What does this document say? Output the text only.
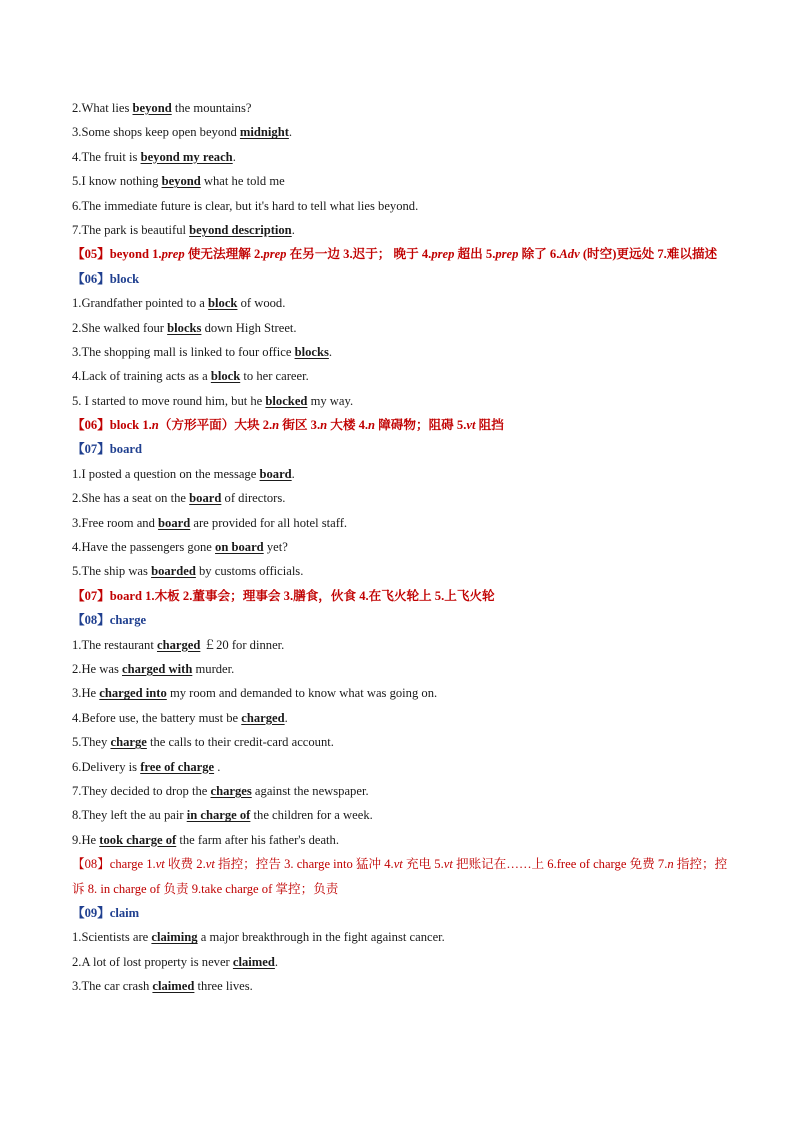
2.What lies beyond the mountains?
3.Some shops keep open beyond midnight.
4.The fruit is beyond my reach.
5.I know nothing beyond what he told me
6.The immediate future is clear, but it's hard to tell what lies beyond.
7.The park is beautiful beyond description.
【05】beyond 1.prep 使无法理解 2.prep 在另一边 3.迟于； 晚于 4.prep 超出 5.prep 除了 6.Adv (时空)更远处 7.难以描述
【06】block
1.Grandfather pointed to a block of wood.
2.She walked four blocks down High Street.
3.The shopping mall is linked to four office blocks.
4.Lack of training acts as a block to her career.
5. I started to move round him, but he blocked my way.
【06】block 1.n（方形平面）大块 2.n 街区 3.n 大楼 4.n 障碍物；阻碍 5.vt 阻挡
【07】board
1.I posted a question on the message board.
2.She has a seat on the board of directors.
3.Free room and board are provided for all hotel staff.
4.Have the passengers gone on board yet?
5.The ship was boarded by customs officials.
【07】board 1.木板 2.董事会；理事会 3.膳食，伙食 4.在飞火轮上 5.上飞火轮
【08】charge
1.The restaurant charged ￡20 for dinner.
2.He was charged with murder.
3.He charged into my room and demanded to know what was going on.
4.Before use, the battery must be charged.
5.They charge the calls to their credit-card account.
6.Delivery is free of charge .
7.They decided to drop the charges against the newspaper.
8.They left the au pair in charge of the children for a week.
9.He took charge of the farm after his father's death.
【08】charge 1.vt 收费 2.vt 指控；控告 3. charge into 猛冲 4.vt 充电 5.vt 把账记在……上 6.free of charge 免费 7.n 指控；控诉 8. in charge of 负责 9.take charge of 掌控；负责
【09】claim
1.Scientists are claiming a major breakthrough in the fight against cancer.
2.A lot of lost property is never claimed.
3.The car crash claimed three lives.
